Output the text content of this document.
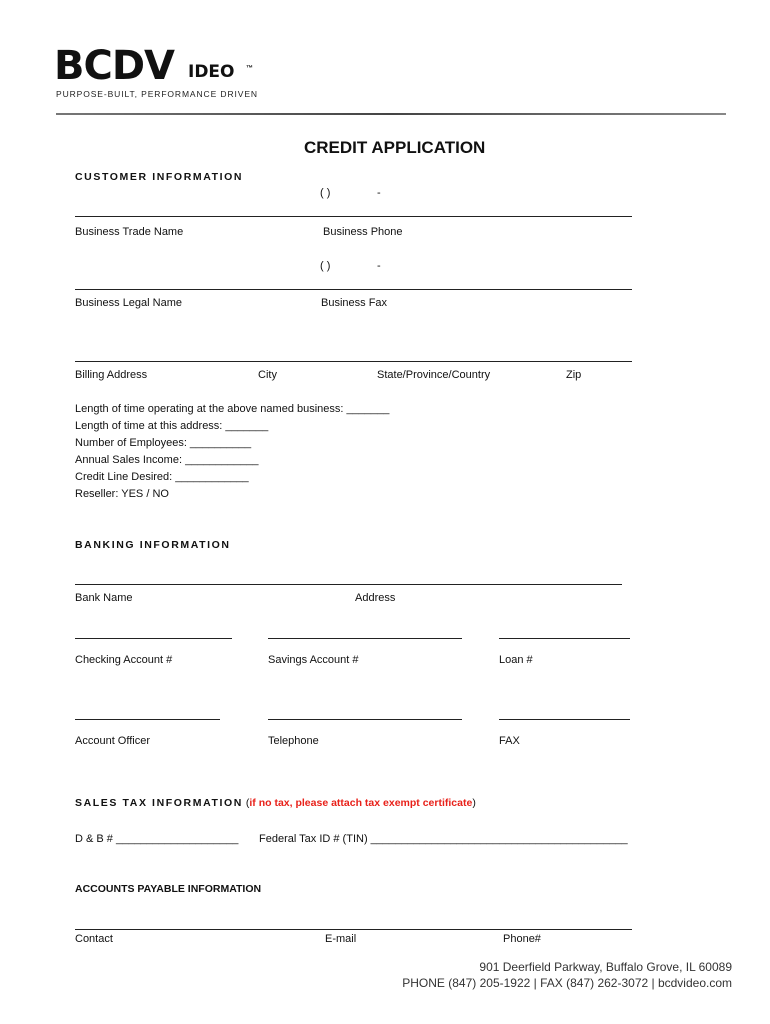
BCDV IDEO ™
PURPOSE-BUILT, PERFORMANCE DRIVEN
CREDIT APPLICATION
CUSTOMER INFORMATION
( )	-
Business Trade Name	Business Phone
( )	-
Business Legal Name	Business Fax
Billing Address	City	State/Province/Country	Zip
Length of time operating at the above named business: _______
Length of time at this address: _______
Number of Employees: __________
Annual Sales Income: ____________
Credit Line Desired: ____________
Reseller: YES / NO
BANKING INFORMATION
Bank Name	Address
Checking Account #	Savings Account #	Loan #
Account Officer	Telephone	FAX
SALES TAX INFORMATION (if no tax, please attach tax exempt certificate)
D & B # ____________________ Federal Tax ID # (TIN) __________________________________________
ACCOUNTS PAYABLE INFORMATION
Contact	E-mail	Phone#
901 Deerfield Parkway, Buffalo Grove, IL 60089
PHONE (847) 205-1922 | FAX (847) 262-3072 | bcdvideo.com
